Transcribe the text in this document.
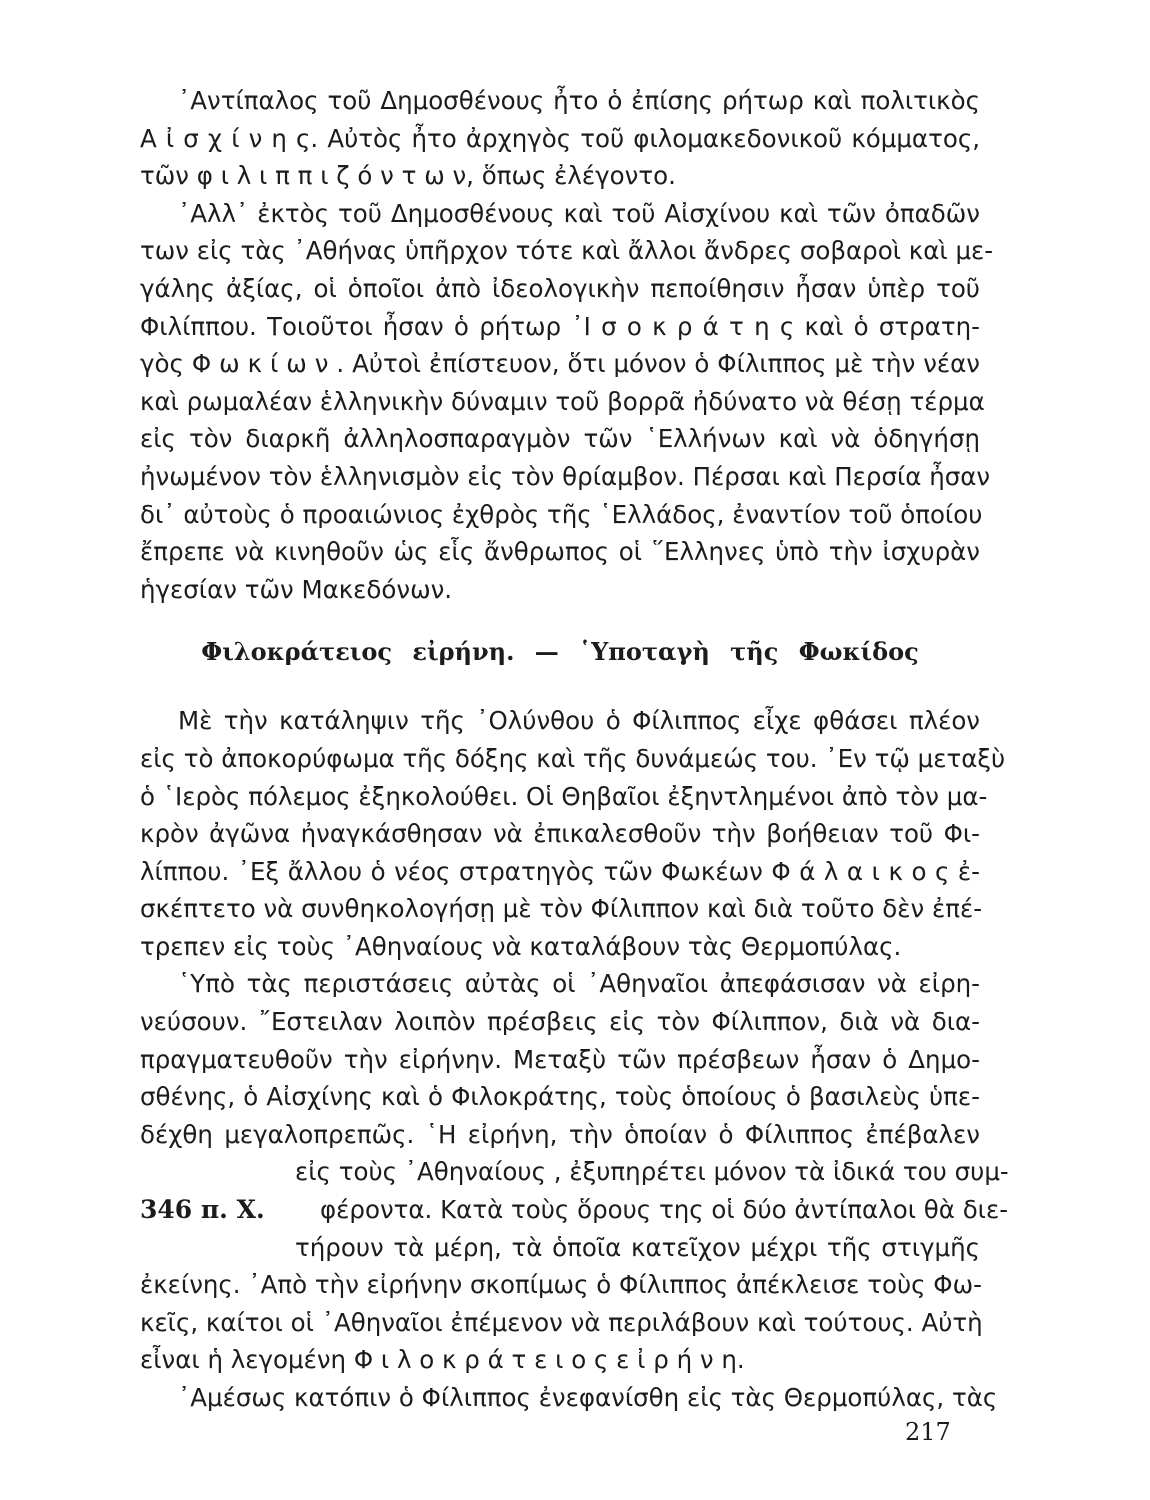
᾿Αντίπαλος τοῦ Δημοσθένους ἦτο ὁ ἐπίσης ρήτωρ καὶ πολιτικὸς
Α ἰ σ χ ί ν η ς. Αὐτὸς ἦτο ἀρχηγὸς τοῦ φιλομακεδονικοῦ κόμματος,
τῶν φ ι λ ι π π ι ζ ό ν τ ω ν, ὅπως ἐλέγοντο.
᾿Αλλ᾿ ἐκτὸς τοῦ Δημοσθένους καὶ τοῦ Αἰσχίνου καὶ τῶν ὀπαδῶν
των εἰς τὰς ᾿Αθήνας ὑπῆρχον τότε καὶ ἄλλοι ἄνδρες σοβαροὶ καὶ με-
γάλης ἀξίας, οἱ ὁποῖοι ἀπὸ ἰδεολογικὴν πεποίθησιν ἦσαν ὑπὲρ τοῦ
Φιλίππου. Τοιοῦτοι ἦσαν ὁ ρήτωρ ᾿Ι σ ο κ ρ ά τ η ς καὶ ὁ στρατη-
γὸς Φ ω κ ί ω ν . Αὐτοὶ ἐπίστευον, ὅτι μόνον ὁ Φίλιππος μὲ τὴν νέαν
καὶ ρωμαλέαν ἑλληνικὴν δύναμιν τοῦ βορρᾶ ἠδύνατο νὰ θέσῃ τέρμα
εἰς τὸν διαρκῆ ἀλληλοσπαραγμὸν τῶν ῾Ελλήνων καὶ νὰ ὁδηγήσῃ
ἠνωμένον τὸν ἑλληνισμὸν εἰς τὸν θρίαμβον. Πέρσαι καὶ Περσία ἦσαν
δι᾿ αὐτοὺς ὁ προαιώνιος ἐχθρὸς τῆς ῾Ελλάδος, ἐναντίον τοῦ ὁποίου
ἔπρεπε νὰ κινηθοῦν ὡς εἷς ἄνθρωπος οἱ ῞Ελληνες ὑπὸ τὴν ἰσχυρὰν
ἡγεσίαν τῶν Μακεδόνων.
Φιλοκράτειος εἰρήνη. — ῾Υποταγὴ τῆς Φωκίδος
Μὲ τὴν κατάληψιν τῆς ᾿Ολύνθου ὁ Φίλιππος εἶχε φθάσει πλέον
εἰς τὸ ἀποκορύφωμα τῆς δόξης καὶ τῆς δυνάμεώς του. ᾿Εν τῷ μεταξὺ
ὁ ῾Ιερὸς πόλεμος ἐξηκολούθει. Οἱ Θηβαῖοι ἐξηντλημένοι ἀπὸ τὸν μα-
κρὸν ἀγῶνα ἠναγκάσθησαν νὰ ἐπικαλεσθοῦν τὴν βοήθειαν τοῦ Φι-
λίππου. ᾿Εξ ἄλλου ὁ νέος στρατηγὸς τῶν Φωκέων Φ ά λ α ι κ ο ς ἐ-
σκέπτετο νὰ συνθηκολογήσῃ μὲ τὸν Φίλιππον καὶ διὰ τοῦτο δὲν ἐπέ-
τρεπεν εἰς τοὺς ᾿Αθηναίους νὰ καταλάβουν τὰς Θερμοπύλας.
῾Υπὸ τὰς περιστάσεις αὐτὰς οἱ ᾿Αθηναῖοι ἀπεφάσισαν νὰ εἰρη-
νεύσουν. ῎Εστειλαν λοιπὸν πρέσβεις εἰς τὸν Φίλιππον, διὰ νὰ δια-
πραγματευθοῦν τὴν εἰρήνην. Μεταξὺ τῶν πρέσβεων ἦσαν ὁ Δημο-
σθένης, ὁ Αἰσχίνης καὶ ὁ Φιλοκράτης, τοὺς ὁποίους ὁ βασιλεὺς ὑπε-
δέχθη μεγαλοπρεπῶς. ῾Η εἰρήνη, τὴν ὁποίαν ὁ Φίλιππος ἐπέβαλεν
εἰς τοὺς ᾿Αθηναίους , ἐξυπηρέτει μόνον τὰ ἰδικά του συμ-
346 π. Χ.	φέροντα. Κατὰ τοὺς ὅρους της οἱ δύο ἀντίπαλοι θὰ διε-
τήρουν τὰ μέρη, τὰ ὁποῖα κατεῖχον μέχρι τῆς στιγμῆς
ἐκείνης. ᾿Απὸ τὴν εἰρήνην σκοπίμως ὁ Φίλιππος ἀπέκλεισε τοὺς Φω-
κεῖς, καίτοι οἱ ᾿Αθηναῖοι ἐπέμενον νὰ περιλάβουν καὶ τούτους. Αὐτὴ
εἶναι ἡ λεγομένη Φ ι λ ο κ ρ ά τ ε ι ο ς ε ἰ ρ ή ν η.
᾿Αμέσως κατόπιν ὁ Φίλιππος ἐνεφανίσθη εἰς τὰς Θερμοπύλας, τὰς
217
